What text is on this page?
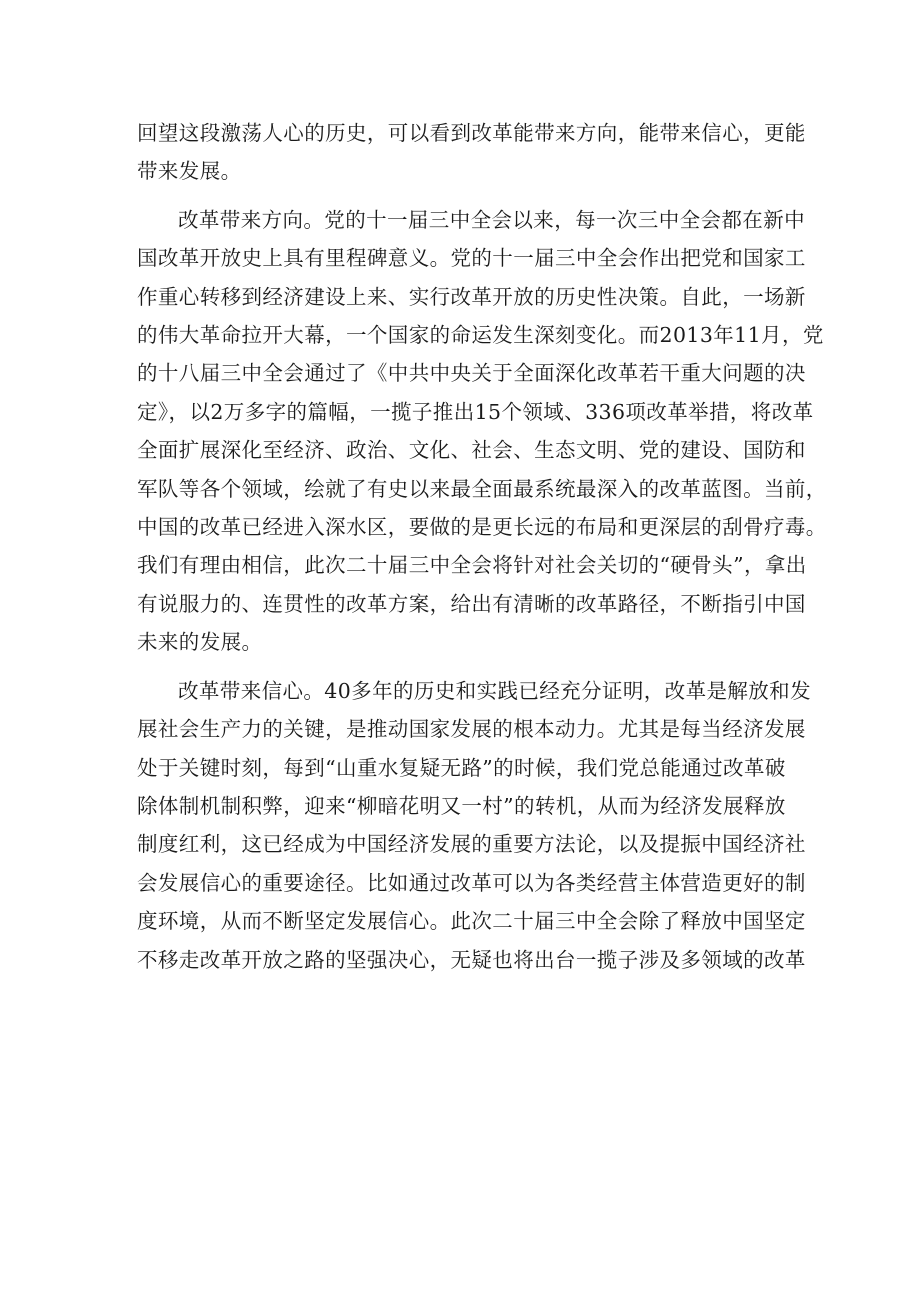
回望这段激荡人心的历史，可以看到改革能带来方向，能带来信心，更能
带来发展。

改革带来方向。党的十一届三中全会以来，每一次三中全会都在新中
国改革开放史上具有里程碑意义。党的十一届三中全会作出把党和国家工
作重心转移到经济建设上来、实行改革开放的历史性决策。自此，一场新
的伟大革命拉开大幕，一个国家的命运发生深刻变化。而2013年11月，党
的十八届三中全会通过了《中共中央关于全面深化改革若干重大问题的决
定》，以2万多字的篇幅，一揽子推出15个领域、336项改革举措，将改革
全面扩展深化至经济、政治、文化、社会、生态文明、党的建设、国防和
军队等各个领域，绘就了有史以来最全面最系统最深入的改革蓝图。当前，
中国的改革已经进入深水区，要做的是更长远的布局和更深层的刮骨疗毒。
我们有理由相信，此次二十届三中全会将针对社会关切的“硬骨头”，拿出
有说服力的、连贯性的改革方案，给出有清晰的改革路径，不断指引中国
未来的发展。

改革带来信心。40多年的历史和实践已经充分证明，改革是解放和发
展社会生产力的关键，是推动国家发展的根本动力。尤其是每当经济发展
处于关键时刻，每到“山重水复疑无路”的时候，我们党总能通过改革破
除体制机制积弊，迎来“柳暗花明又一村”的转机，从而为经济发展释放
制度红利，这已经成为中国经济发展的重要方法论，以及提振中国经济社
会发展信心的重要途径。比如通过改革可以为各类经营主体营造更好的制
度环境，从而不断坚定发展信心。此次二十届三中全会除了释放中国坚定
不移走改革开放之路的坚强决心，无疑也将出台一揽子涉及多领域的改革
